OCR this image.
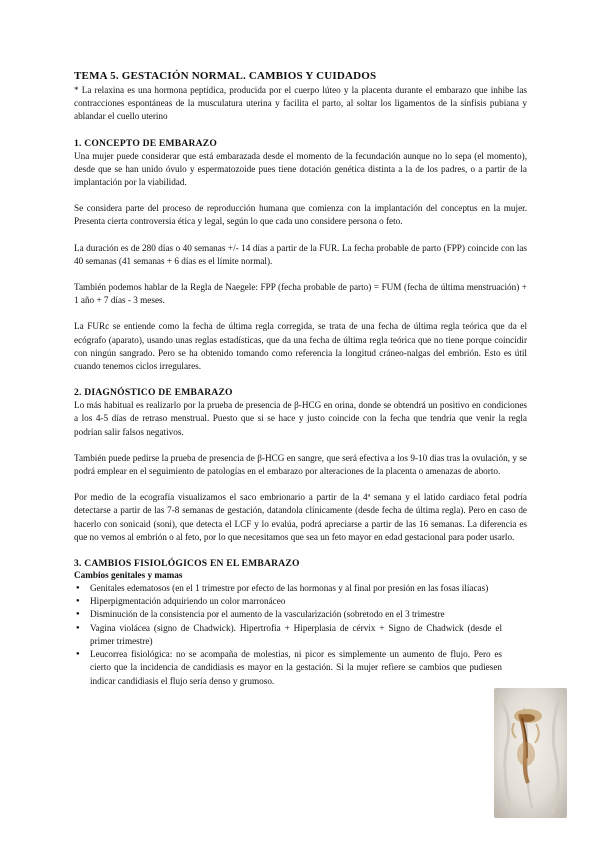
TEMA 5. GESTACIÓN NORMAL. CAMBIOS Y CUIDADOS

* La relaxina es una hormona peptídica, producida por el cuerpo lúteo y la placenta durante el embarazo que inhibe las contracciones espontáneas de la musculatura uterina y facilita el parto, al soltar los ligamentos de la sínfisis pubiana y ablandar el cuello uterino

1. CONCEPTO DE EMBARAZO

Una mujer puede considerar que está embarazada desde el momento de la fecundación aunque no lo sepa (el momento), desde que se han unido óvulo y espermatozoide pues tiene dotación genética distinta a la de los padres, o a partir de la implantación por la viabilidad.

Se considera parte del proceso de reproducción humana que comienza con la implantación del conceptus en la mujer. Presenta cierta controversia ética y legal, según lo que cada uno considere persona o feto.

La duración es de 280 días o 40 semanas +/- 14 días a partir de la FUR. La fecha probable de parto (FPP) coincide con las 40 semanas (41 semanas + 6 días es el límite normal).

También podemos hablar de la Regla de Naegele: FPP (fecha probable de parto) = FUM (fecha de última menstruación) + 1 año + 7 días - 3 meses.

La FURc se entiende como la fecha de última regla corregida, se trata de una fecha de última regla teórica que da el ecógrafo (aparato), usando unas reglas estadísticas, que da una fecha de última regla teórica que no tiene porque coincidir con ningún sangrado. Pero se ha obtenido tomando como referencia la longitud cráneo-nalgas del embrión. Esto es útil cuando tenemos ciclos irregulares.

2. DIAGNÓSTICO DE EMBARAZO

Lo más habitual es realizarlo por la prueba de presencia de β-HCG en orina, donde se obtendrá un positivo en condiciones a los 4-5 días de retraso menstrual. Puesto que si se hace y justo coincide con la fecha que tendría que venir la regla podrían salir falsos negativos.

También puede pedirse la prueba de presencia de β-HCG en sangre, que será efectiva a los 9-10 días tras la ovulación, y se podrá emplear en el seguimiento de patologías en el embarazo por alteraciones de la placenta o amenazas de aborto.

Por medio de la ecografía visualizamos el saco embrionario a partir de la 4ª semana y el latido cardiaco fetal podría detectarse a partir de las 7-8 semanas de gestación, datandola clínicamente (desde fecha de última regla). Pero en caso de hacerlo con sonicaid (soni), que detecta el LCF y lo evalúa, podrá apreciarse a partir de las 16 semanas. La diferencia es que no vemos al embrión o al feto, por lo que necesitamos que sea un feto mayor en edad gestacional para poder usarlo.

3. CAMBIOS FISIOLÓGICOS EN EL EMBARAZO
Cambios genitales y mamas
● Genitales edematosos (en el 1 trimestre por efecto de las hormonas y al final por presión en las fosas ilíacas)
● Hiperpigmentación adquiriendo un color marronáceo
● Disminución de la consistencia por el aumento de la vascularización (sobretodo en el 3 trimestre
● Vagina violácea (signo de Chadwick). Hipertrofia + Hiperplasia de cérvix + Signo de Chadwick (desde el primer trimestre)
● Leucorrea fisiológica: no se acompaña de molestias, ni picor es simplemente un aumento de flujo. Pero es cierto que la incidencia de candidiasis es mayor en la gestación. Si la mujer refiere se cambios que pudiesen indicar candidiasis el flujo sería denso y grumoso.
